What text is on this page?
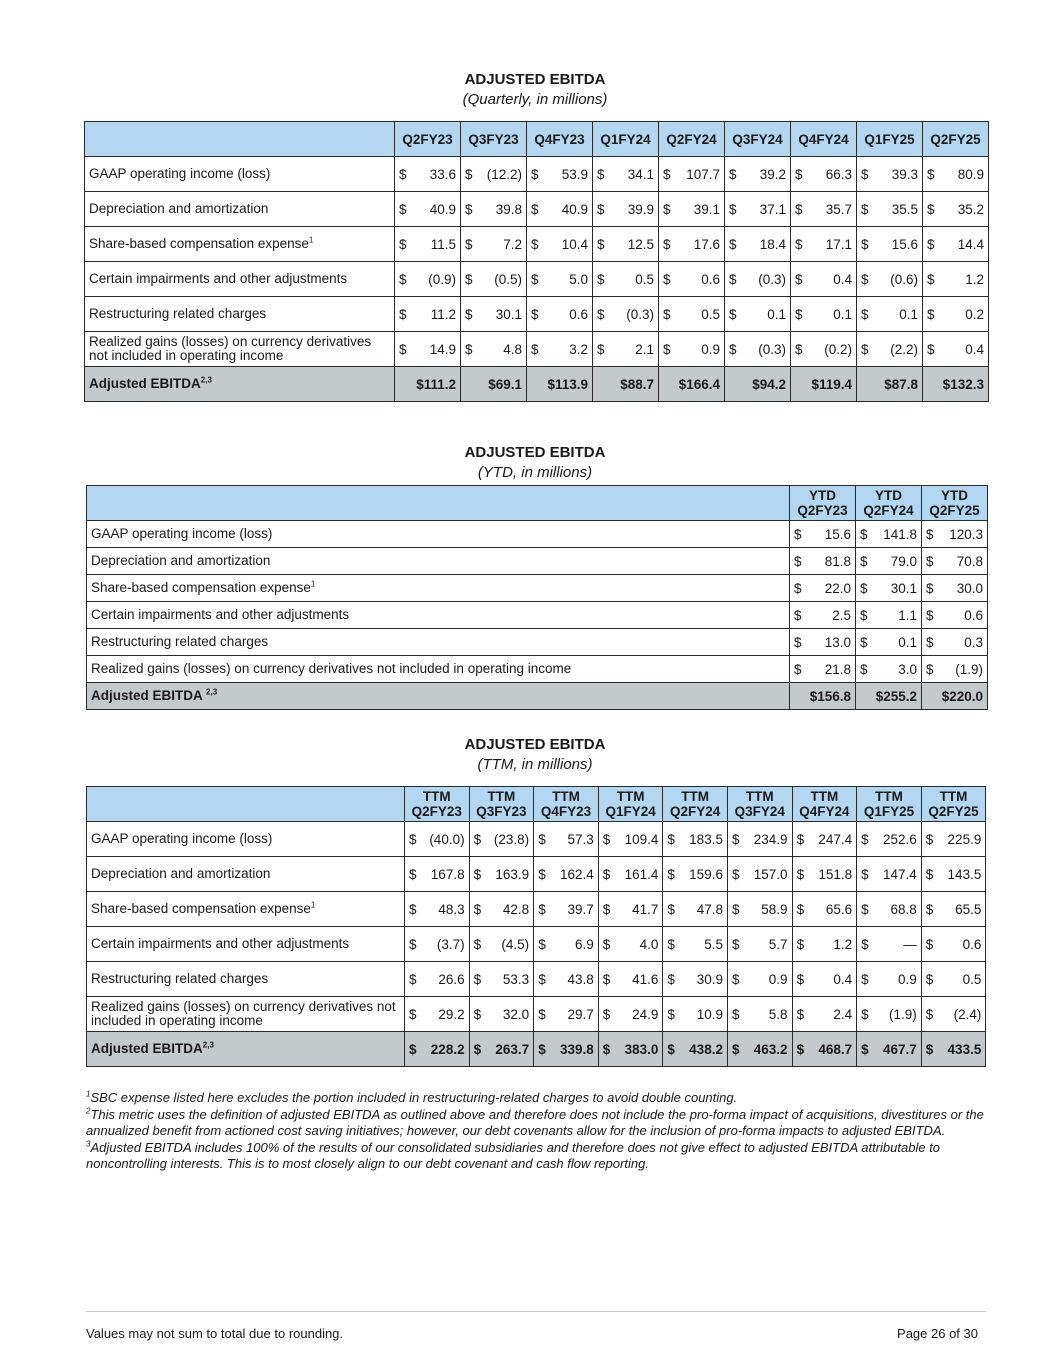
ADJUSTED EBITDA
(Quarterly, in millions)
	Q2FY23	Q3FY23	Q4FY23	Q1FY24	Q2FY24	Q3FY24	Q4FY24	Q1FY25	Q2FY25
GAAP operating income (loss)	$ 33.6	$ (12.2)	$ 53.9	$ 34.1	$ 107.7	$ 39.2	$ 66.3	$ 39.3	$ 80.9

Depreciation and amortization	$ 40.9	$ 39.8	$ 40.9	$ 39.9	$ 39.1	$ 37.1	$ 35.7	$ 35.5	$ 35.2

Share-based compensation expense$^1$	$ 11.5	$ 7.2	$ 10.4	$ 12.5	$ 17.6	$ 18.4	$ 17.1	$ 15.6	$ 14.4

Certain impairments and other adjustments	$ (0.9)	$ (0.5)	$ 5.0	$ 0.5	$ 0.6	$ (0.3)	$ 0.4	$ (0.6)	$ 1.2

Restructuring related charges	$ 11.2	$ 30.1	$ 0.6	$ (0.3)	$ 0.5	$ 0.1	$ 0.1	$ 0.1	$ 0.2

Realized gains (losses) on currency derivatives not included in operating income	$ 14.9	$ 4.8	$ 3.2	$ 2.1	$ 0.9	$ (0.3)	$ (0.2)	$ (2.2)	$ 0.4

Adjusted EBITDA$^{2,3}$	$111.2	$69.1	$113.9	$88.7	$166.4	$94.2	$119.4	$87.8	$132.3
ADJUSTED EBITDA
(YTD, in millions)

	YTD
Q2FY23	YTD
Q2FY24	YTD
Q2FY25

GAAP operating income (loss)	$ 15.6	$ 141.8	$ 120.3

Depreciation and amortization	$ 81.8	$ 79.0	$ 70.8

Share-based compensation expense$^1$	$ 22.0	$ 30.1	$ 30.0

Certain impairments and other adjustments	$ 2.5	$ 1.1	$ 0.6

Restructuring related charges	$ 13.0	$ 0.1	$ 0.3

Realized gains (losses) on currency derivatives not included in operating income	$ 21.8	$ 3.0	$ (1.9)

Adjusted EBITDA $^{2,3}$	$156.8	$255.2	$220.0
ADJUSTED EBITDA
(TTM, in millions)

	TTM
Q2FY23	TTM
Q3FY23	TTM
Q4FY23	TTM
Q1FY24	TTM
Q2FY24	TTM
Q3FY24	TTM
Q4FY24	TTM
Q1FY25	TTM
Q2FY25

GAAP operating income (loss)	$ (40.0)	$ (23.8)	$ 57.3	$ 109.4	$ 183.5	$ 234.9	$ 247.4	$ 252.6	$ 225.9

Depreciation and amortization	$ 167.8	$ 163.9	$ 162.4	$ 161.4	$ 159.6	$ 157.0	$ 151.8	$ 147.4	$ 143.5

Share-based compensation expense$^1$	$ 48.3	$ 42.8	$ 39.7	$ 41.7	$ 47.8	$ 58.9	$ 65.6	$ 68.8	$ 65.5

Certain impairments and other adjustments	$ (3.7)	$ (4.5)	$ 6.9	$ 4.0	$ 5.5	$ 5.7	$ 1.2	$ —	$ 0.6

Restructuring related charges	$ 26.6	$ 53.3	$ 43.8	$ 41.6	$ 30.9	$ 0.9	$ 0.4	$ 0.9	$ 0.5

Realized gains (losses) on currency derivatives not included in operating income	$ 29.2	$ 32.0	$ 29.7	$ 24.9	$ 10.9	$ 5.8	$ 2.4	$ (1.9)	$ (2.4)

Adjusted EBITDA$^{2,3}$	$ 228.2	$ 263.7	$ 339.8	$ 383.0	$ 438.2	$ 463.2	$ 468.7	$ 467.7	$ 433.5

$^1$SBC expense listed here excludes the portion included in restructuring-related charges to avoid double counting.

$^2$This metric uses the definition of adjusted EBITDA as outlined above and therefore does not include the pro-forma impact of acquisitions, divestitures or the annualized benefit from actioned cost saving initiatives; however, our debt covenants allow for the inclusion of pro-forma impacts to adjusted EBITDA.

$^3$Adjusted EBITDA includes 100% of the results of our consolidated subsidiaries and therefore does not give effect to adjusted EBITDA attributable to noncontrolling interests. This is to most closely align to our debt covenant and cash flow reporting.

Values may not sum to total due to rounding.	Page 26 of 30
